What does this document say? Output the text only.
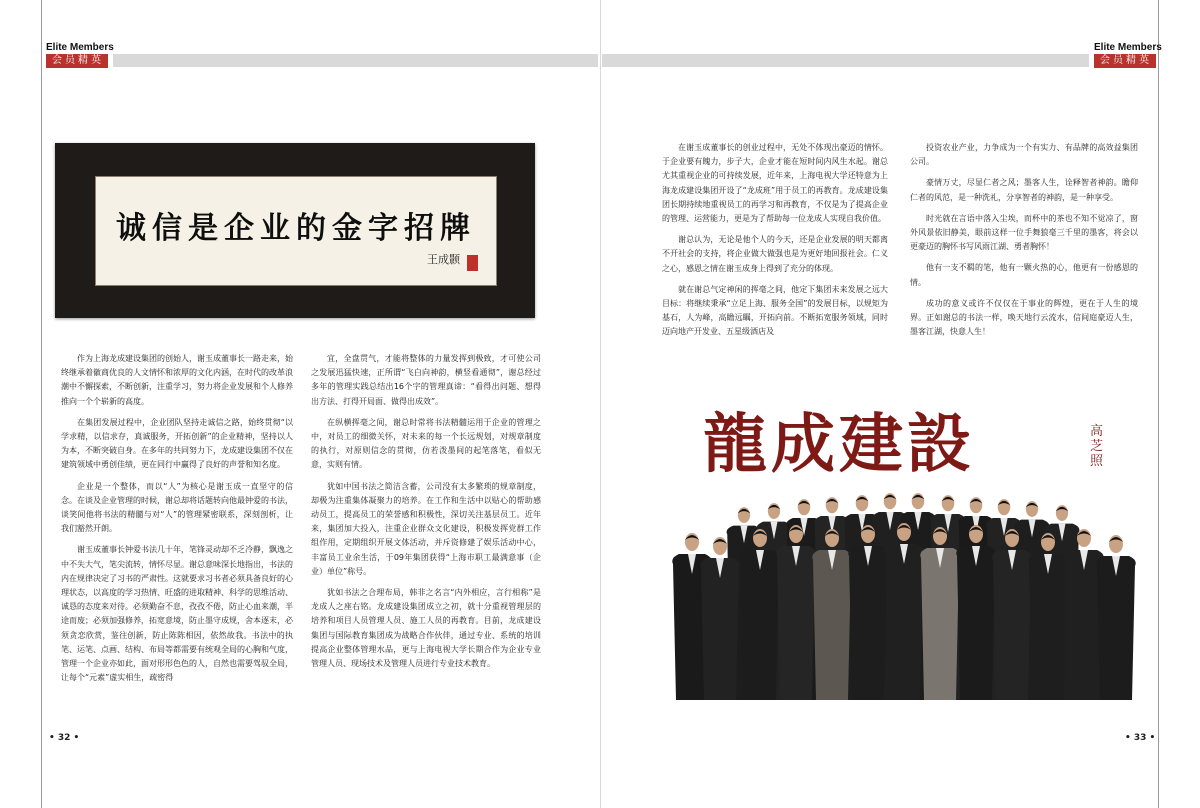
Elite Members
会员精英
Elite Members
会员精英
诚信是企业的金字招牌
王成颢

作为上海龙成建设集团的创始人，谢玉成董事长一路走来，始终继承着徽商优良的人文情怀和浓厚的文化内涵，在时代的改革浪潮中不懈探索，不断创新，注重学习，努力将企业发展和个人修养推向一个个崭新的高度。

在集团发展过程中，企业团队坚持走诚信之路，始终贯彻“以学求精，以信求存，真诚服务，开拓创新”的企业精神，坚持以人为本，不断突破自身。在多年的共同努力下，龙成建设集团不仅在建筑领域中勇创佳绩，更在同行中赢得了良好的声誉和知名度。

企业是一个整体，而以“人”为核心是谢玉成一直坚守的信念。在谈及企业管理的时候，谢总却将话题转向他最钟爱的书法，谈笑间他将书法的精髓与对“人”的管理紧密联系，深刻剖析，让我们豁然开朗。

谢玉成董事长钟爱书法几十年，笔锋灵动却不乏冷静，飘逸之中不失大气，笔尖流转，情怀尽显。谢总意味深长地指出，书法的内在规律决定了习书的严肃性。这就要求习书者必须具备良好的心理状态，以高度的学习热情、旺盛的进取精神、科学的思维活动、诚恳的态度来对待。必须勤奋不息，孜孜不倦，防止心血来潮，半途而废；必须加强修养，拓宽意境，防止墨守成规，舍本逐末，必须贪恋欣赏，鉴往创新，防止陈陈相因，依然故我。书法中的执笔、运笔、点画、结构、布局等都需要有统观全局的心胸和气度，管理一个企业亦如此，面对形形色色的人，自然也需要驾驭全局，让每个“元素”虚实相生，疏密得

宜，全盘贯气，才能将整体的力量发挥到极致，才可使公司之发展迅猛快速，正所谓“飞白向神韵，横竖看通彻”，谢总经过多年的管理实践总结出16个字的管理真谛：“看得出问题、想得出方法、打得开局面、做得出成效”。

在纵横挥毫之间，谢总时常将书法精髓运用于企业的管理之中，对员工的细微关怀，对未来的每一个长远规划，对规章制度的执行，对原则信念的贯彻，仿若泼墨间的起笔落笔，看似无意，实则有情。

犹如中国书法之简洁含蓄，公司没有太多繁琐的规章制度，却极为注重集体凝聚力的培养。在工作和生活中以贴心的帮助感动员工，提高员工的荣誉感和积极性，深切关注基层员工。近年来，集团加大投入，注重企业群众文化建设，积极发挥党群工作组作用，定期组织开展文体活动，并斥资修建了娱乐活动中心，丰富员工业余生活，于09年集团获得“上海市职工最满意事（企业）单位”称号。

犹如书法之合理布局，韩非之名言“内外相应，言行相称”是龙成人之座右铭。龙成建设集团成立之初，就十分重视管理层的培养和项目人员管理人员、施工人员的再教育。目前，龙成建设集团与国际教育集团成为战略合作伙伴，通过专业、系统的培训提高企业整体管理水品，更与上海电视大学长期合作为企业专业管理人员、现场技术及管理人员进行专业技术教育。

在谢玉成董事长的创业过程中，无处不体现出豪迈的情怀。于企业要有魄力，步子大，企业才能在短时间内风生水起。谢总尤其重视企业的可持续发展，近年来，上海电视大学还特意为上海龙成建设集团开设了“龙成班”用于员工的再教育。龙成建设集团长期持续地重视员工的再学习和再教育，不仅是为了提高企业的管理、运营能力，更是为了帮助每一位龙成人实现自我价值。

谢总认为，无论是他个人的今天，还是企业发展的明天都离不开社会的支持，将企业做大做强也是为更好地回报社会。仁义之心，感恩之情在谢玉成身上得到了充分的体现。

就在谢总气定神闲的挥毫之间，他定下集团未来发展之远大目标：将继续秉承“立足上海、服务全国”的发展目标，以规矩为基石，人为峰，高瞻远瞩，开拓向前。不断拓宽服务领域，同时迈向地产开发业、五星级酒店及

投资农业产业，力争成为一个有实力、有品牌的高效益集团公司。

豪情万丈，尽显仁者之风；墨客人生，诠释智者神韵。瞻仰仁者的风范，是一种洗礼，分享智者的神韵，是一种享受。

时光就在言语中落入尘埃，而杯中的茶也不知不觉凉了，窗外风景依旧静美，眼前这样一位手舞狼毫三千里的墨客，将会以更豪迈的胸怀书写风雨江湖、勇者胸怀！

他有一支不羁的笔，他有一颗火热的心，他更有一份感恩的情。

成功的意义或许不仅仅在于事业的辉煌，更在于人生的境界。正如谢总的书法一样，唤天地行云流水，信间庭豪迈人生，墨客江湖，快意人生！

龍成建設	高芝照
• 32 •	• 33 •
